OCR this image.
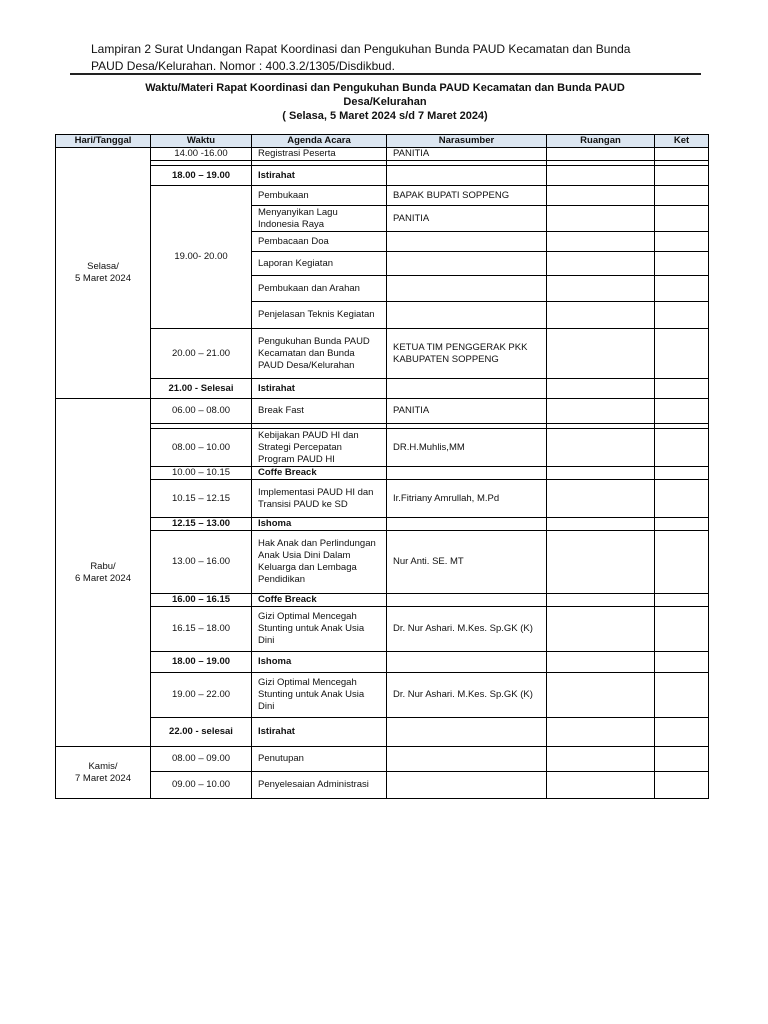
Lampiran 2 Surat Undangan Rapat Koordinasi dan Pengukuhan Bunda PAUD Kecamatan dan Bunda
PAUD Desa/Kelurahan. Nomor : 400.3.2/1305/Disdikbud.
Waktu/Materi Rapat Koordinasi dan Pengukuhan Bunda PAUD Kecamatan dan Bunda PAUD
Desa/Kelurahan
( Selasa, 5 Maret 2024 s/d 7 Maret 2024)
Hari/Tanggal	Waktu	Agenda Acara	Narasumber	Ruangan	Ket

Selasa/
5 Maret 2024	14.00 -16.00	Registrasi Peserta	PANITIA		

	18.00 – 19.00	Istirahat			
	19.00- 20.00	Pembukaan	BAPAK BUPATI SOPPENG		
		Menyanyikan Lagu Indonesia Raya	PANITIA		
		Pembacaan Doa			
		Laporan Kegiatan			
		Pembukaan dan Arahan			
		Penjelasan Teknis Kegiatan			
	20.00 – 21.00	Pengukuhan Bunda PAUD Kecamatan dan Bunda PAUD Desa/Kelurahan	KETUA TIM PENGGERAK PKK KABUPATEN SOPPENG		
	21.00 - Selesai	Istirahat			

Rabu/
6 Maret 2024	06.00 – 08.00	Break Fast	PANITIA		

	08.00 – 10.00	Kebijakan PAUD HI dan Strategi Percepatan Program PAUD HI	DR.H.Muhlis,MM		
	10.00 – 10.15	Coffe Breack			
	10.15 – 12.15	Implementasi PAUD HI dan Transisi PAUD ke SD	Ir.Fitriany Amrullah, M.Pd		
	12.15 – 13.00	Ishoma			
	13.00 – 16.00	Hak Anak dan Perlindungan Anak Usia Dini Dalam Keluarga dan Lembaga Pendidikan	Nur Anti. SE. MT		
	16.00 – 16.15	Coffe Breack			
	16.15 – 18.00	Gizi Optimal Mencegah Stunting untuk Anak Usia Dini	Dr. Nur Ashari. M.Kes. Sp.GK (K)		
	18.00 – 19.00	Ishoma			
	19.00 – 22.00	Gizi Optimal Mencegah Stunting untuk Anak Usia Dini	Dr. Nur Ashari. M.Kes. Sp.GK (K)		
	22.00 - selesai	Istirahat			

Kamis/
7 Maret 2024	08.00 – 09.00	Penutupan			
	09.00 – 10.00	Penyelesaian Administrasi			
